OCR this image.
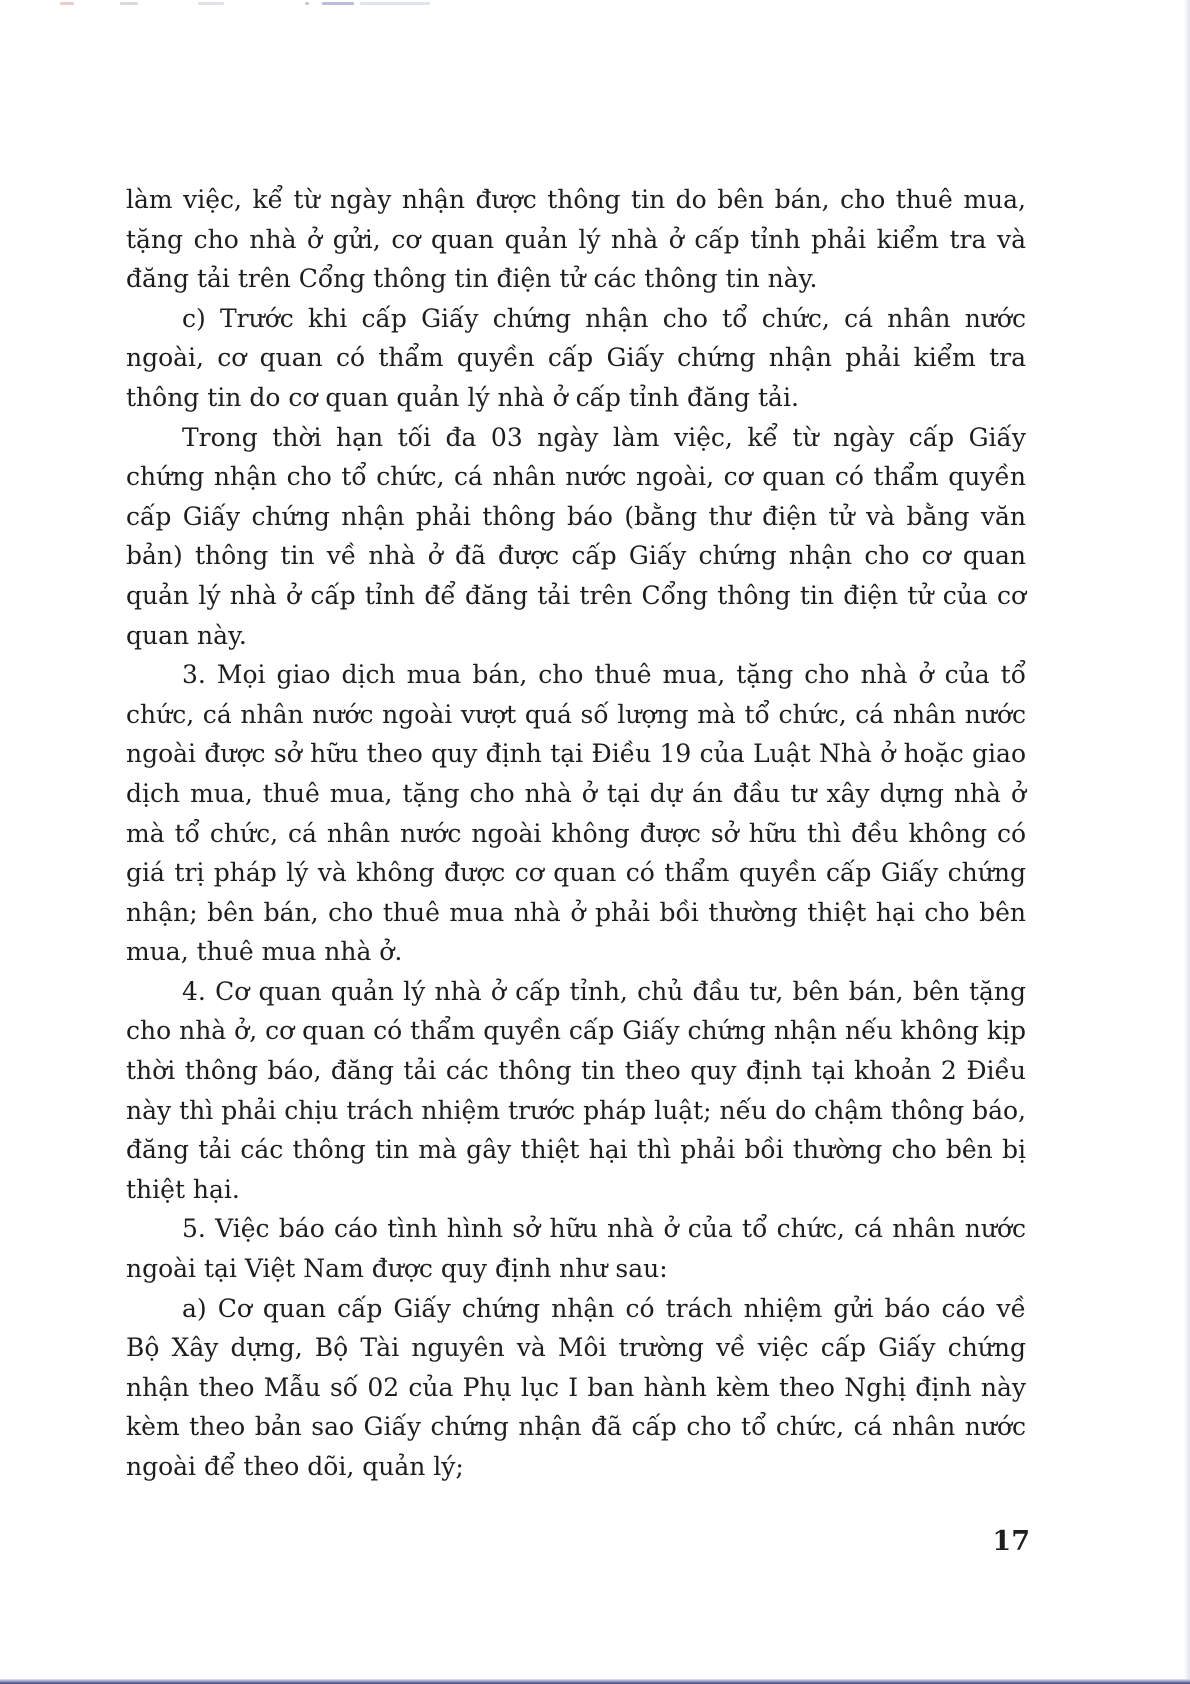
làm việc, kể từ ngày nhận được thông tin do bên bán, cho thuê mua, tặng cho nhà ở gửi, cơ quan quản lý nhà ở cấp tỉnh phải kiểm tra và đăng tải trên Cổng thông tin điện tử các thông tin này.

c) Trước khi cấp Giấy chứng nhận cho tổ chức, cá nhân nước ngoài, cơ quan có thẩm quyền cấp Giấy chứng nhận phải kiểm tra thông tin do cơ quan quản lý nhà ở cấp tỉnh đăng tải.

Trong thời hạn tối đa 03 ngày làm việc, kể từ ngày cấp Giấy chứng nhận cho tổ chức, cá nhân nước ngoài, cơ quan có thẩm quyền cấp Giấy chứng nhận phải thông báo (bằng thư điện tử và bằng văn bản) thông tin về nhà ở đã được cấp Giấy chứng nhận cho cơ quan quản lý nhà ở cấp tỉnh để đăng tải trên Cổng thông tin điện tử của cơ quan này.

3. Mọi giao dịch mua bán, cho thuê mua, tặng cho nhà ở của tổ chức, cá nhân nước ngoài vượt quá số lượng mà tổ chức, cá nhân nước ngoài được sở hữu theo quy định tại Điều 19 của Luật Nhà ở hoặc giao dịch mua, thuê mua, tặng cho nhà ở tại dự án đầu tư xây dựng nhà ở mà tổ chức, cá nhân nước ngoài không được sở hữu thì đều không có giá trị pháp lý và không được cơ quan có thẩm quyền cấp Giấy chứng nhận; bên bán, cho thuê mua nhà ở phải bồi thường thiệt hại cho bên mua, thuê mua nhà ở.

4. Cơ quan quản lý nhà ở cấp tỉnh, chủ đầu tư, bên bán, bên tặng cho nhà ở, cơ quan có thẩm quyền cấp Giấy chứng nhận nếu không kịp thời thông báo, đăng tải các thông tin theo quy định tại khoản 2 Điều này thì phải chịu trách nhiệm trước pháp luật; nếu do chậm thông báo, đăng tải các thông tin mà gây thiệt hại thì phải bồi thường cho bên bị thiệt hại.

5. Việc báo cáo tình hình sở hữu nhà ở của tổ chức, cá nhân nước ngoài tại Việt Nam được quy định như sau:

a) Cơ quan cấp Giấy chứng nhận có trách nhiệm gửi báo cáo về Bộ Xây dựng, Bộ Tài nguyên và Môi trường về việc cấp Giấy chứng nhận theo Mẫu số 02 của Phụ lục I ban hành kèm theo Nghị định này kèm theo bản sao Giấy chứng nhận đã cấp cho tổ chức, cá nhân nước ngoài để theo dõi, quản lý;

17
